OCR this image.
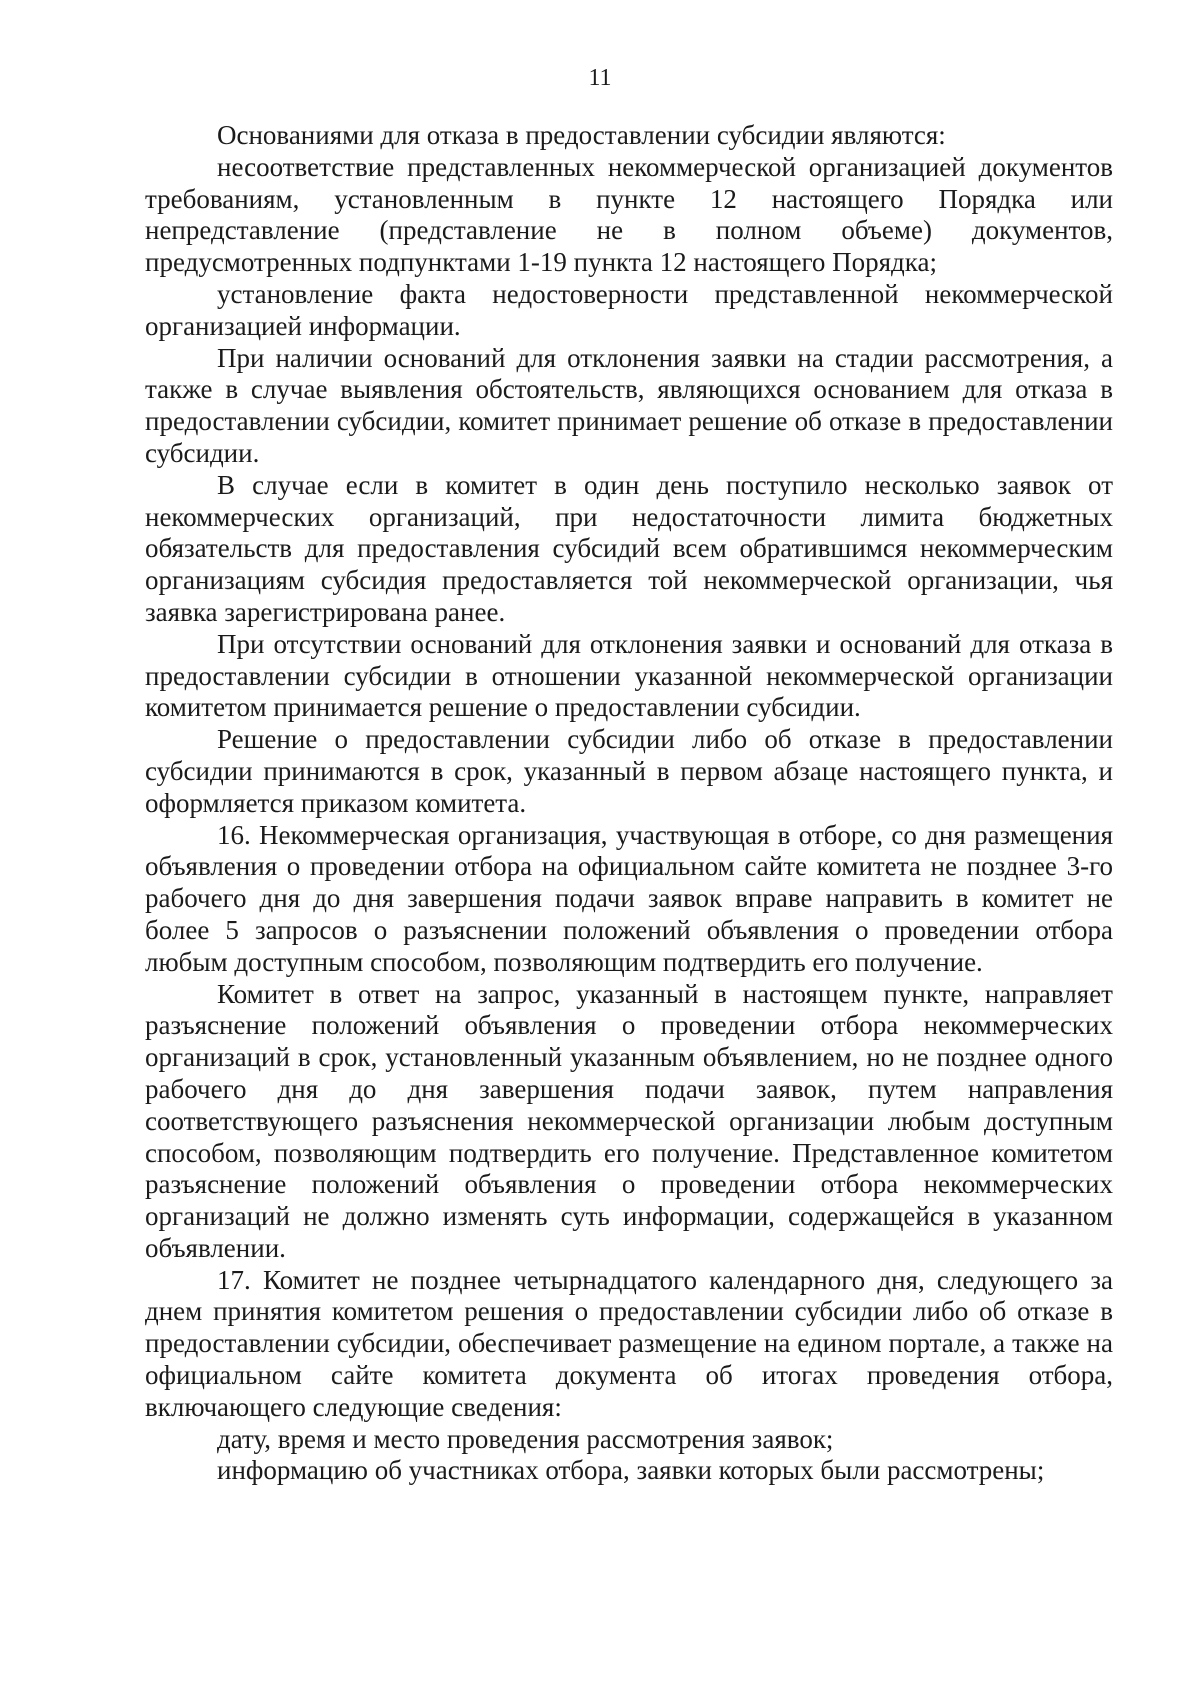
11

Основаниями для отказа в предоставлении субсидии являются:

несоответствие представленных некоммерческой организацией документов требованиям, установленным в пункте 12 настоящего Порядка или непредставление (представление не в полном объеме) документов, предусмотренных подпунктами 1-19 пункта 12 настоящего Порядка;

установление факта недостоверности представленной некоммерческой организацией информации.

При наличии оснований для отклонения заявки на стадии рассмотрения, а также в случае выявления обстоятельств, являющихся основанием для отказа в предоставлении субсидии, комитет принимает решение об отказе в предоставлении субсидии.

В случае если в комитет в один день поступило несколько заявок от некоммерческих организаций, при недостаточности лимита бюджетных обязательств для предоставления субсидий всем обратившимся некоммерческим организациям субсидия предоставляется той некоммерческой организации, чья заявка зарегистрирована ранее.

При отсутствии оснований для отклонения заявки и оснований для отказа в предоставлении субсидии в отношении указанной некоммерческой организации комитетом принимается решение о предоставлении субсидии.

Решение о предоставлении субсидии либо об отказе в предоставлении субсидии принимаются в срок, указанный в первом абзаце настоящего пункта, и оформляется приказом комитета.

16. Некоммерческая организация, участвующая в отборе, со дня размещения объявления о проведении отбора на официальном сайте комитета не позднее 3-го рабочего дня до дня завершения подачи заявок вправе направить в комитет не более 5 запросов о разъяснении положений объявления о проведении отбора любым доступным способом, позволяющим подтвердить его получение.

Комитет в ответ на запрос, указанный в настоящем пункте, направляет разъяснение положений объявления о проведении отбора некоммерческих организаций в срок, установленный указанным объявлением, но не позднее одного рабочего дня до дня завершения подачи заявок, путем направления соответствующего разъяснения некоммерческой организации любым доступным способом, позволяющим подтвердить его получение. Представленное комитетом разъяснение положений объявления о проведении отбора некоммерческих организаций не должно изменять суть информации, содержащейся в указанном объявлении.

17. Комитет не позднее четырнадцатого календарного дня, следующего за днем принятия комитетом решения о предоставлении субсидии либо об отказе в предоставлении субсидии, обеспечивает размещение на едином портале, а также на официальном сайте комитета документа об итогах проведения отбора, включающего следующие сведения:

дату, время и место проведения рассмотрения заявок;

информацию об участниках отбора, заявки которых были рассмотрены;
